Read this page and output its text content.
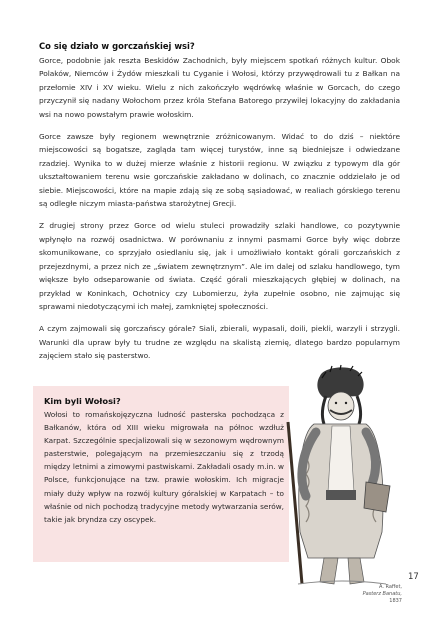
Co się działo w gorczańskiej wsi?

Gorce, podobnie jak reszta Beskidów Zachodnich, były miejscem spotkań różnych kultur. Obok Polaków, Niemców i Żydów mieszkali tu Cyganie i Wołosi, którzy przywędrowali tu z Bałkan na przełomie XIV i XV wieku. Wielu z nich zakończyło wędrówkę właśnie w Gorcach, do czego przyczynił się nadany Wołochom przez króla Stefana Batorego przywilej lokacyjny do zakładania wsi na nowo powstałym prawie wołoskim.

Gorce zawsze były regionem wewnętrznie zróżnicowanym. Widać to do dziś – niektóre miejscowości są bogatsze, zagląda tam więcej turystów, inne są biedniejsze i odwiedzane rzadziej. Wynika to w dużej mierze właśnie z historii regionu. W związku z typowym dla gór ukształtowaniem terenu wsie gorczańskie zakładano w dolinach, co znacznie oddzielało je od siebie. Miejscowości, które na mapie zdają się ze sobą sąsiadować, w realiach górskiego terenu są odległe niczym miasta-państwa starożytnej Grecji.

Z drugiej strony przez Gorce od wielu stuleci prowadziły szlaki handlowe, co pozytywnie wpłynęło na rozwój osadnictwa. W porównaniu z innymi pasmami Gorce były więc dobrze skomunikowane, co sprzyjało osiedlaniu się, jak i umożliwiało kontakt górali gorczańskich z przejezdnymi, a przez nich ze „światem zewnętrznym”. Ale im dalej od szlaku handlowego, tym większe było odseparowanie od świata. Część górali mieszkających głębiej w dolinach, na przykład w Koninkach, Ochotnicy czy Lubomierzu, żyła zupełnie osobno, nie zajmując się sprawami niedotyczącymi ich małej, zamkniętej społeczności.

A czym zajmowali się gorczańscy górale? Siali, zbierali, wypasali, doili, piekli, warzyli i strzygli. Warunki dla upraw były tu trudne ze względu na skalistą ziemię, dlatego bardzo popularnym zajęciem stało się pasterstwo.

Kim byli Wołosi?

Wołosi to romańskojęzyczna ludność pasterska pochodząca z Bałkanów, która od XIII wieku migrowała na północ wzdłuż Karpat. Szczególnie specjalizowali się w sezonowym wędrownym pasterstwie, polegającym na przemieszczaniu się z trzodą między letnimi a zimowymi pastwiskami. Zakładali osady m.in. w Polsce, funkcjonujące na tzw. prawie wołoskim. Ich migracje miały duży wpływ na rozwój kultury góralskiej w Karpatach – to właśnie od nich pochodzą tradycyjne metody wytwarzania serów, takie jak bryndza czy oscypek.

A. Raffet,
Pasterz Banatu,
1837
17
